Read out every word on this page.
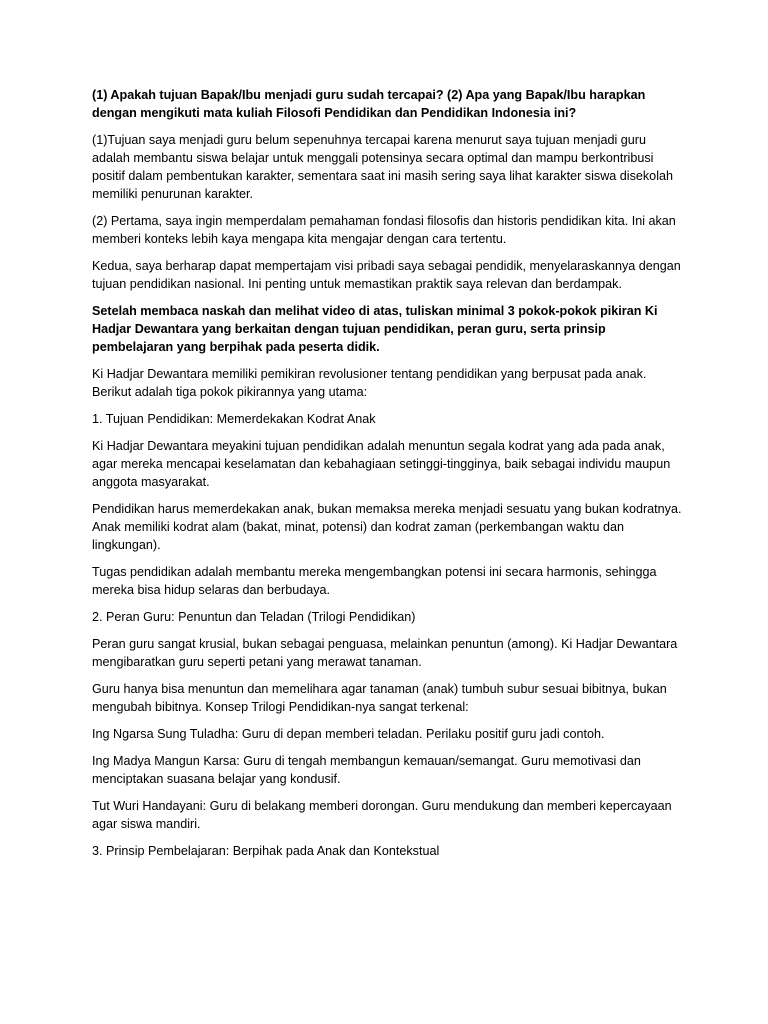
(1) Apakah tujuan Bapak/Ibu menjadi guru sudah tercapai? (2) Apa yang Bapak/Ibu harapkan dengan mengikuti mata kuliah Filosofi Pendidikan dan Pendidikan Indonesia ini?

(1)Tujuan saya menjadi guru belum sepenuhnya tercapai karena menurut saya tujuan menjadi guru adalah membantu siswa belajar untuk menggali potensinya secara optimal dan mampu berkontribusi positif dalam pembentukan karakter, sementara saat ini masih sering saya lihat karakter siswa disekolah memiliki penurunan karakter.

(2) Pertama, saya ingin memperdalam pemahaman fondasi filosofis dan historis pendidikan kita. Ini akan memberi konteks lebih kaya mengapa kita mengajar dengan cara tertentu.

Kedua, saya berharap dapat mempertajam visi pribadi saya sebagai pendidik, menyelaraskannya dengan tujuan pendidikan nasional. Ini penting untuk memastikan praktik saya relevan dan berdampak.

Setelah membaca naskah dan melihat video di atas, tuliskan minimal 3 pokok-pokok pikiran Ki Hadjar Dewantara yang berkaitan dengan tujuan pendidikan, peran guru, serta prinsip pembelajaran yang berpihak pada peserta didik.

Ki Hadjar Dewantara memiliki pemikiran revolusioner tentang pendidikan yang berpusat pada anak. Berikut adalah tiga pokok pikirannya yang utama:

1. Tujuan Pendidikan: Memerdekakan Kodrat Anak

Ki Hadjar Dewantara meyakini tujuan pendidikan adalah menuntun segala kodrat yang ada pada anak, agar mereka mencapai keselamatan dan kebahagiaan setinggi-tingginya, baik sebagai individu maupun anggota masyarakat.

Pendidikan harus memerdekakan anak, bukan memaksa mereka menjadi sesuatu yang bukan kodratnya. Anak memiliki kodrat alam (bakat, minat, potensi) dan kodrat zaman (perkembangan waktu dan lingkungan).

Tugas pendidikan adalah membantu mereka mengembangkan potensi ini secara harmonis, sehingga mereka bisa hidup selaras dan berbudaya.

2. Peran Guru: Penuntun dan Teladan (Trilogi Pendidikan)

Peran guru sangat krusial, bukan sebagai penguasa, melainkan penuntun (among). Ki Hadjar Dewantara mengibaratkan guru seperti petani yang merawat tanaman.

Guru hanya bisa menuntun dan memelihara agar tanaman (anak) tumbuh subur sesuai bibitnya, bukan mengubah bibitnya. Konsep Trilogi Pendidikan-nya sangat terkenal:

Ing Ngarsa Sung Tuladha: Guru di depan memberi teladan. Perilaku positif guru jadi contoh.

Ing Madya Mangun Karsa: Guru di tengah membangun kemauan/semangat. Guru memotivasi dan menciptakan suasana belajar yang kondusif.

Tut Wuri Handayani: Guru di belakang memberi dorongan. Guru mendukung dan memberi kepercayaan agar siswa mandiri.

3. Prinsip Pembelajaran: Berpihak pada Anak dan Kontekstual
